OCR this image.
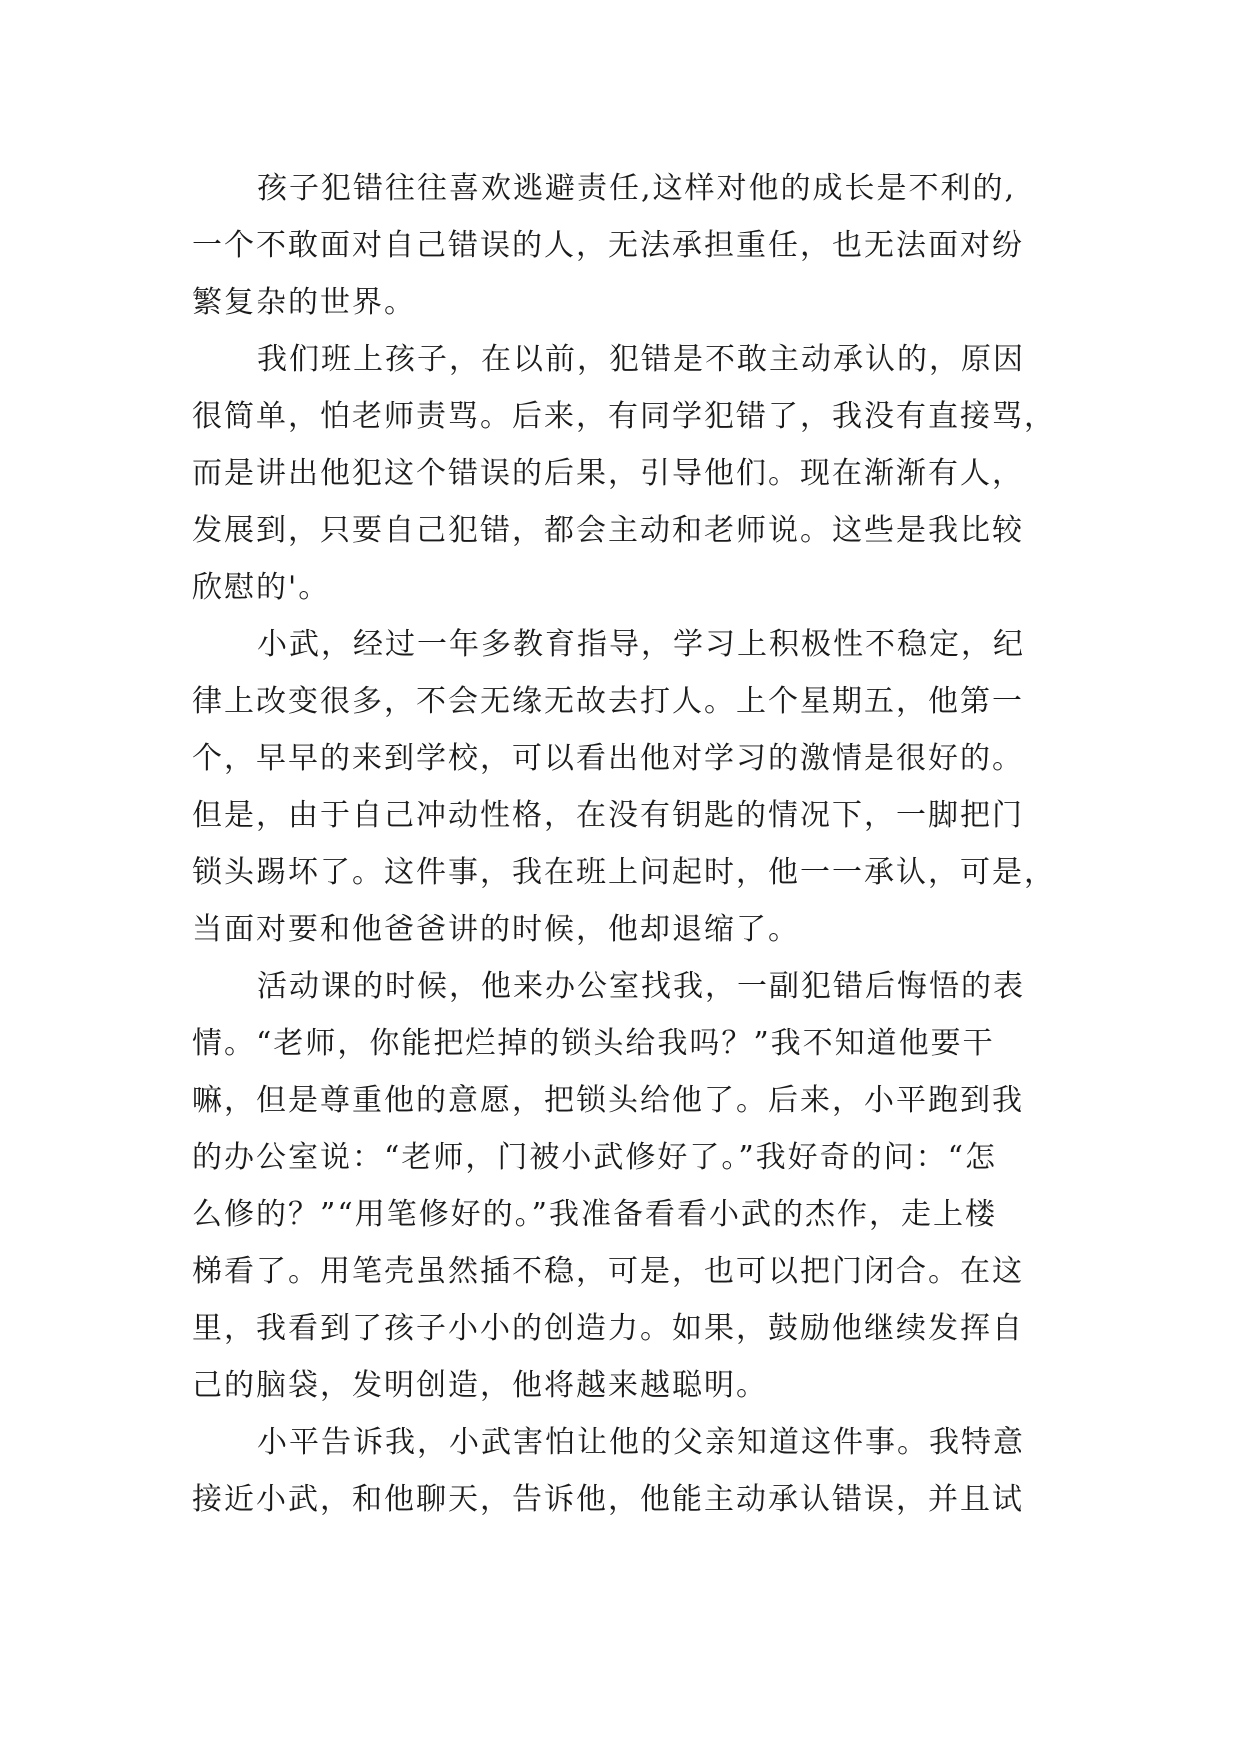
孩子犯错往往喜欢逃避责任,这样对他的成长是不利的,
一个不敢面对自己错误的人，无法承担重任，也无法面对纷
繁复杂的世界。
我们班上孩子，在以前，犯错是不敢主动承认的，原因
很简单，怕老师责骂。后来，有同学犯错了，我没有直接骂，
而是讲出他犯这个错误的后果，引导他们。现在渐渐有人，
发展到，只要自己犯错，都会主动和老师说。这些是我比较
欣慰的'。
小武，经过一年多教育指导，学习上积极性不稳定，纪
律上改变很多，不会无缘无故去打人。上个星期五，他第一
个，早早的来到学校，可以看出他对学习的激情是很好的。
但是，由于自己冲动性格，在没有钥匙的情况下，一脚把门
锁头踢坏了。这件事，我在班上问起时，他一一承认，可是，
当面对要和他爸爸讲的时候，他却退缩了。
活动课的时候，他来办公室找我，一副犯错后悔悟的表
情。“老师，你能把烂掉的锁头给我吗？”我不知道他要干
嘛，但是尊重他的意愿，把锁头给他了。后来，小平跑到我
的办公室说：“老师，门被小武修好了。”我好奇的问：“怎
么修的？”“用笔修好的。”我准备看看小武的杰作，走上楼
梯看了。用笔壳虽然插不稳，可是，也可以把门闭合。在这
里，我看到了孩子小小的创造力。如果，鼓励他继续发挥自
己的脑袋，发明创造，他将越来越聪明。
小平告诉我，小武害怕让他的父亲知道这件事。我特意
接近小武，和他聊天，告诉他，他能主动承认错误，并且试
